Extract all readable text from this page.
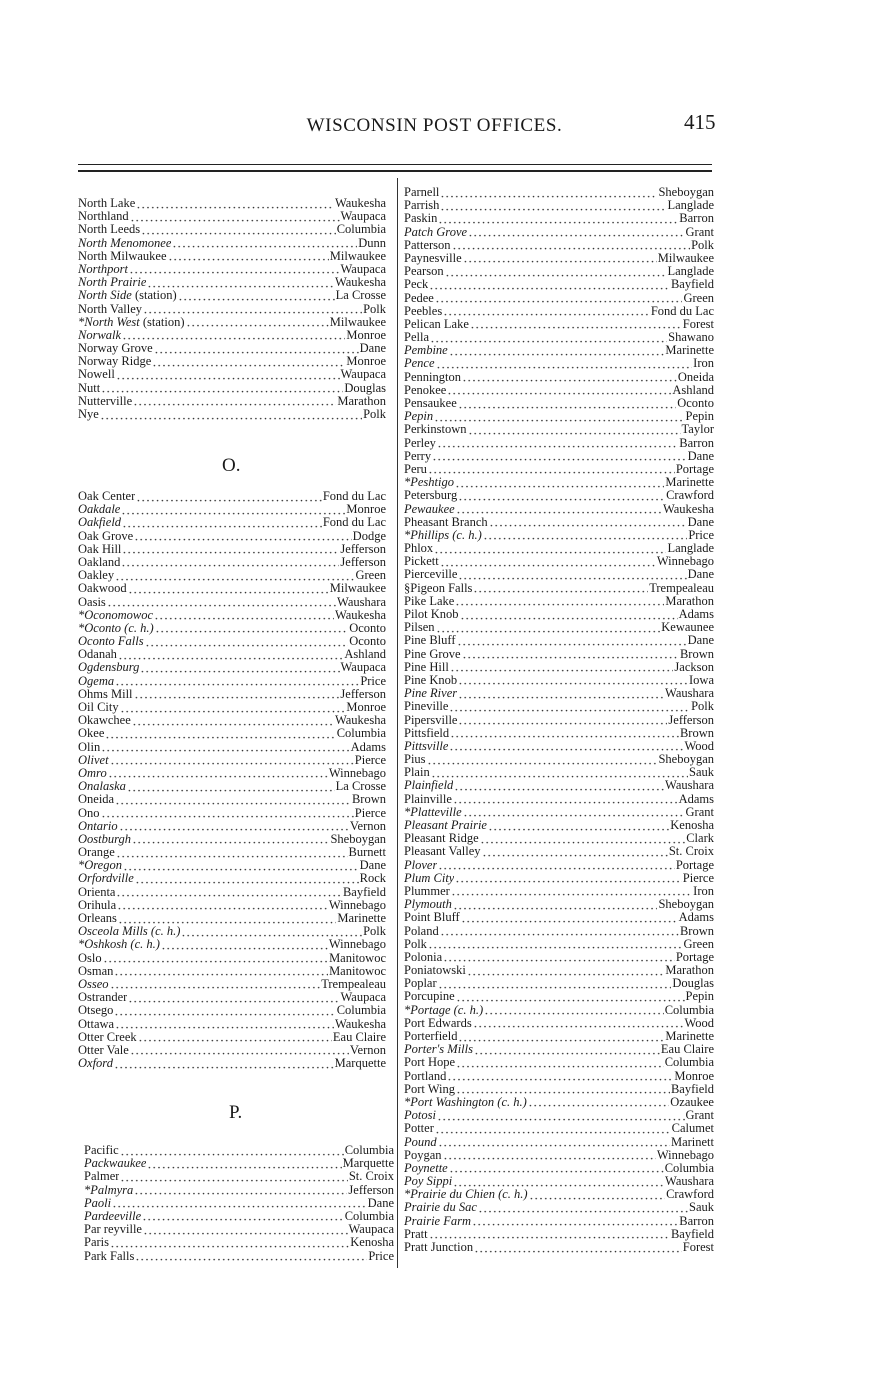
WISCONSIN POST OFFICES.	415
North Lake	Waukesha
Northland	Waupaca
North Leeds	Columbia
North Menomonee	Dunn
North Milwaukee	Milwaukee
Northport	Waupaca
North Prairie	Waukesha
North Side (station)	La Crosse
North Valley	Polk
*North West (station)	Milwaukee
Norwalk	Monroe
Norway Grove	Dane
Norway Ridge	Monroe
Nowell	Waupaca
Nutt	Douglas
Nutterville	Marathon
Nye	Polk
O.
Oak Center	Fond du Lac
Oakdale	Monroe
Oakfield	Fond du Lac
Oak Grove	Dodge
Oak Hill	Jefferson
Oakland	Jefferson
Oakley	Green
Oakwood	Milwaukee
Oasis	Waushara
*Oconomowoc	Waukesha
*Oconto (c. h.)	Oconto
Oconto Falls	Oconto
Odanah	Ashland
Ogdensburg	Waupaca
Ogema	Price
Ohms Mill	Jefferson
Oil City	Monroe
Okawchee	Waukesha
Okee	Columbia
Olin	Adams
Olivet	Pierce
Omro	Winnebago
Onalaska	La Crosse
Oneida	Brown
Ono	Pierce
Ontario	Vernon
Oostburgh	Sheboygan
Orange	Burnett
*Oregon	Dane
Orfordville	Rock
Orienta	Bayfield
Orihula	Winnebago
Orleans	Marinette
Osceola Mills (c. h.)	Polk
*Oshkosh (c. h.)	Winnebago
Oslo	Manitowoc
Osman	Manitowoc
Osseo	Trempealeau
Ostrander	Waupaca
Otsego	Columbia
Ottawa	Waukesha
Otter Creek	Eau Claire
Otter Vale	Vernon
Oxford	Marquette
P.
Pacific	Columbia
Packwaukee	Marquette
Palmer	St. Croix
*Palmyra	Jefferson
Paoli	Dane
Pardeeville	Columbia
Par reyville	Waupaca
Paris	Kenosha
Park Falls	Price
Parnell	Sheboygan
Parrish	Langlade
Paskin	Barron
Patch Grove	Grant
Patterson	Polk
Paynesville	Milwaukee
Pearson	Langlade
Peck	Bayfield
Pedee	Green
Peebles	Fond du Lac
Pelican Lake	Forest
Pella	Shawano
Pembine	Marinette
Pence	Iron
Pennington	Oneida
Penokee	Ashland
Pensaukee	Oconto
Pepin	Pepin
Perkinstown	Taylor
Perley	Barron
Perry	Dane
Peru	Portage
*Peshtigo	Marinette
Petersburg	Crawford
Pewaukee	Waukesha
Pheasant Branch	Dane
*Phillips (c. h.)	Price
Phlox	Langlade
Pickett	Winnebago
Pierceville	Dane
§Pigeon Falls	Trempealeau
Pike Lake	Marathon
Pilot Knob	Adams
Pilsen	Kewaunee
Pine Bluff	Dane
Pine Grove	Brown
Pine Hill	Jackson
Pine Knob	Iowa
Pine River	Waushara
Pineville	Polk
Pipersville	Jefferson
Pittsfield	Brown
Pittsville	Wood
Pius	Sheboygan
Plain	Sauk
Plainfield	Waushara
Plainville	Adams
*Platteville	Grant
Pleasant Prairie	Kenosha
Pleasant Ridge	Clark
Pleasant Valley	St. Croix
Plover	Portage
Plum City	Pierce
Plummer	Iron
Plymouth	Sheboygan
Point Bluff	Adams
Poland	Brown
Polk	Green
Polonia	Portage
Poniatowski	Marathon
Poplar	Douglas
Porcupine	Pepin
*Portage (c. h.)	Columbia
Port Edwards	Wood
Porterfield	Marinette
Porter's Mills	Eau Claire
Port Hope	Columbia
Portland	Monroe
Port Wing	Bayfield
*Port Washington (c. h.)	Ozaukee
Potosi	Grant
Potter	Calumet
Pound	Marinett
Poygan	Winnebago
Poynette	Columbia
Poy Sippi	Waushara
*Prairie du Chien (c. h.)	Crawford
Prairie du Sac	Sauk
Prairie Farm	Barron
Pratt	Bayfield
Pratt Junction	Forest
